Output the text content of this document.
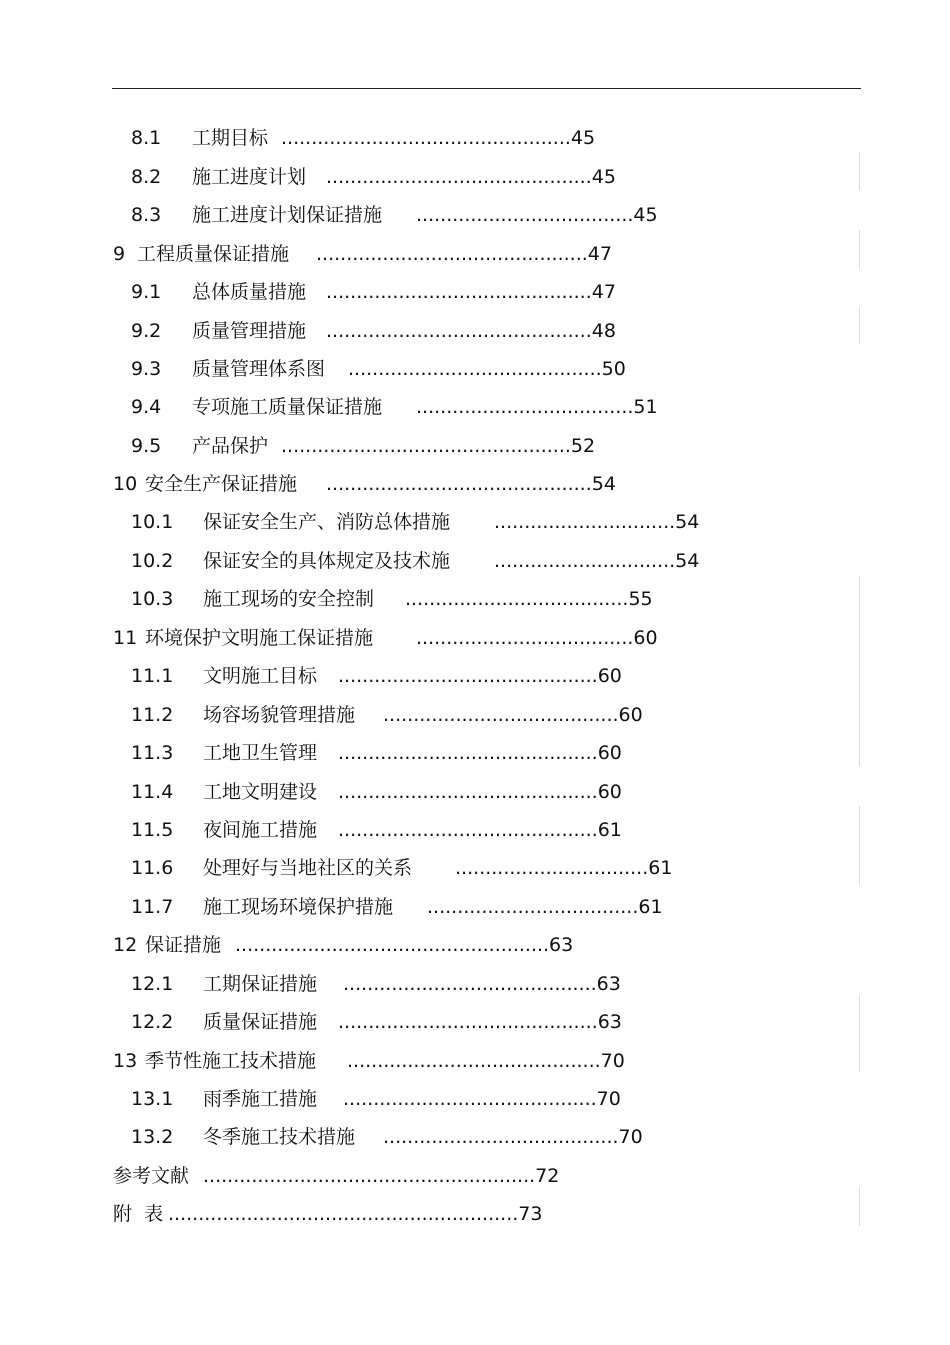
8.1 工期目标 ................................................45
8.2 施工进度计划 ............................................45
8.3 施工进度计划保证措施 ....................................45
9 工程质量保证措施 .............................................47
9.1 总体质量措施 ............................................47
9.2 质量管理措施 ............................................48
9.3 质量管理体系图 ..........................................50
9.4 专项施工质量保证措施 ....................................51
9.5 产品保护 ................................................52
10 安全生产保证措施 ............................................54
10.1 保证安全生产、消防总体措施 ..............................54
10.2 保证安全的具体规定及技术施 ..............................54
10.3 施工现场的安全控制 .....................................55
11 环境保护文明施工保证措施 ....................................60
11.1 文明施工目标 ...........................................60
11.2 场容场貌管理措施 .......................................60
11.3 工地卫生管理 ...........................................60
11.4 工地文明建设 ...........................................60
11.5 夜间施工措施 ...........................................61
11.6 处理好与当地社区的关系 ................................61
11.7 施工现场环境保护措施 ...................................61
12 保证措施 ....................................................63
12.1 工期保证措施 ..........................................63
12.2 质量保证措施 ...........................................63
13 季节性施工技术措施 ..........................................70
13.1 雨季施工措施 ..........................................70
13.2 冬季施工技术措施 .......................................70
参考文献 .......................................................72
附  表 ..........................................................73
